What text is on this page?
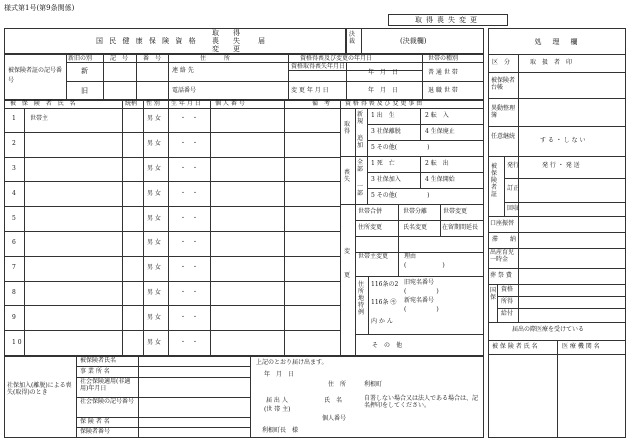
様式第1号(第9条関係)
取得喪失変更
国 民 健 康 保 険 資 格
取　　得
喪　　失
変　　更
届
決裁	(決裁欄)
新旧の別	記　号 番　号	住　　　所	資格得喪及び変更の年月日	世帯の種別
被保険者証の記号番号
新
旧
連 絡 先
電話番号
資格取得喪失年月日
変 更 年 月 日
年　月　日
年　月　日
普 通 世 帯
退 職 世 帯
被 保 険 者 氏 名	続柄 性 別 生 年 月 日 個 人 番 号	備　考 資 格 得 喪 及 び 変 更 事 由
1 世帯主	男 女	・　・
2	男 女	・　・
3	男 女	・　・
4	男 女	・　・
5	男 女	・　・
6	男 女	・　・
7	男 女	・　・
8	男 女	・　・
9	男 女	・　・
1 0	男 女	・　・
取　得
喪　失
変　更
新規
追加
全部
一部
1 出　生	2 転　入
3 社保離脱	4 生保廃止
5 その他(　　　　　)
1 死　亡	2 転　出
3 社保加入	4 生保開始
5 その他(　　　　　)
世帯合併	世帯分離	世帯変更
住所変更	氏名変更 在留期間延長
世帯主変更	理由
(　　　　　　)
住所地特例
116条の2 旧宛名番号
(　　　　　)
116条 ㋲ 新宛名番号
(　　　　　)
内 か ん
そ　の　他
処　理　欄
区　分	取　扱　者　印
被保険者台帳
異動整理簿
任意継続
す る ・ し な い
被保険者証
発行	発 行 ・ 発 送
訂正
回収
口座振替
滞　　納
出産育児一時金
葬 祭 費
国保
資格
所得
給付
届出の際医療を受けている
被 保 険 者 氏 名	医 療 機 関 名
社保加入(離脱)による喪失(取得)のとき
被保険者氏名
事 業 所 名
社会保険適用(非適用)年月日
社会保険の記号番号
保 険 者 名
保険者番号
上記のとおり届け出ます。
年　月　日
住　所	利根町
届 出 人
(世 帯 主)
氏　名	自署しない場合又は法人である場合は、記名押印をしてください。
個人番号
利根町長　様
